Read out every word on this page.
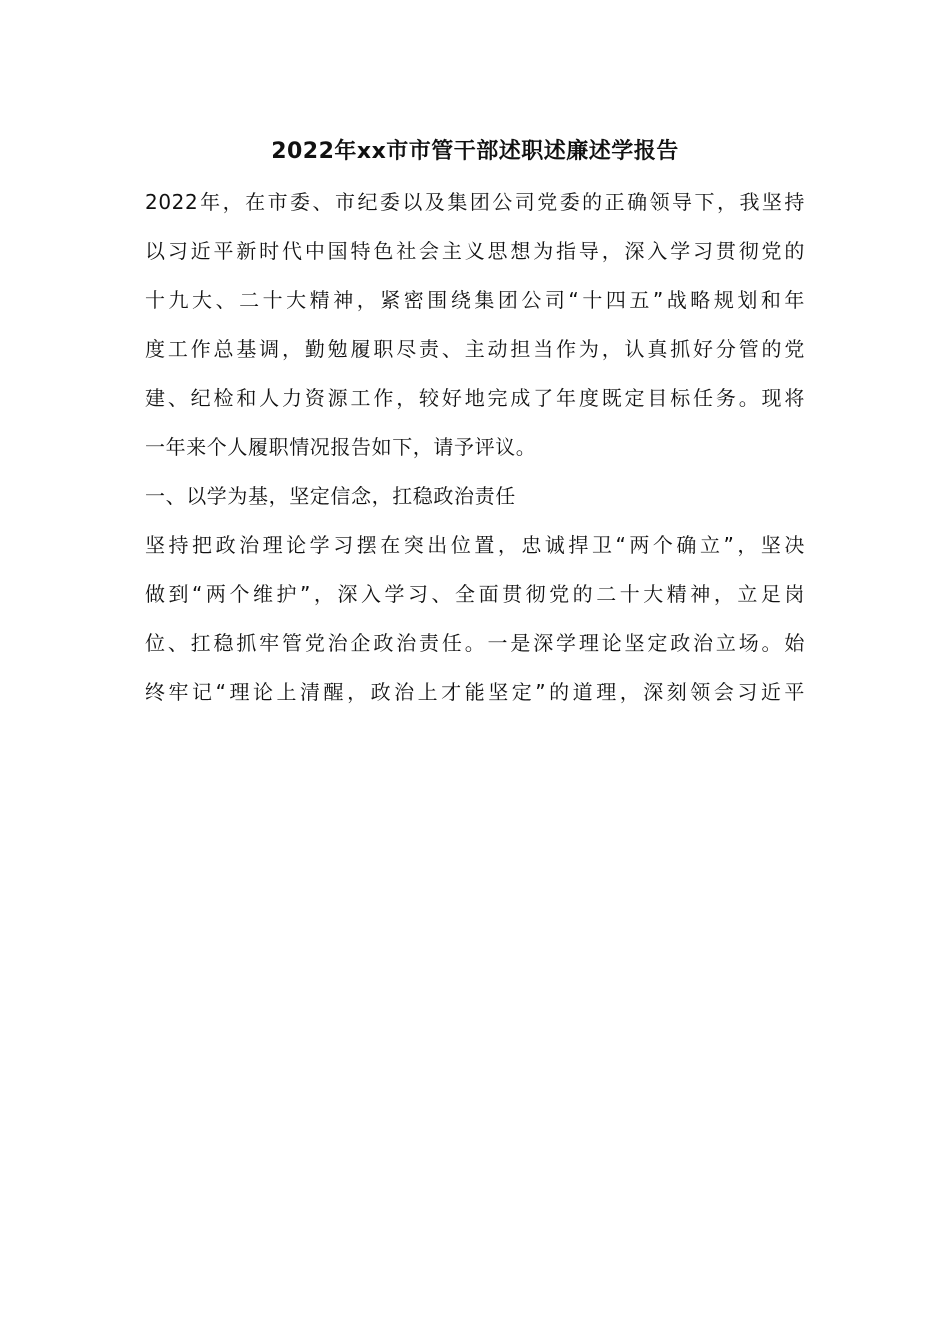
2022年xx市市管干部述职述廉述学报告
2022年，在市委、市纪委以及集团公司党委的正确领导下，我坚持
以习近平新时代中国特色社会主义思想为指导，深入学习贯彻党的
十九大、二十大精神，紧密围绕集团公司“十四五”战略规划和年
度工作总基调，勤勉履职尽责、主动担当作为，认真抓好分管的党
建、纪检和人力资源工作，较好地完成了年度既定目标任务。现将
一年来个人履职情况报告如下，请予评议。
一、以学为基，坚定信念，扛稳政治责任
坚持把政治理论学习摆在突出位置，忠诚捍卫“两个确立”，坚决
做到“两个维护”，深入学习、全面贯彻党的二十大精神，立足岗
位、扛稳抓牢管党治企政治责任。一是深学理论坚定政治立场。始
终牢记“理论上清醒，政治上才能坚定”的道理，深刻领会习近平
